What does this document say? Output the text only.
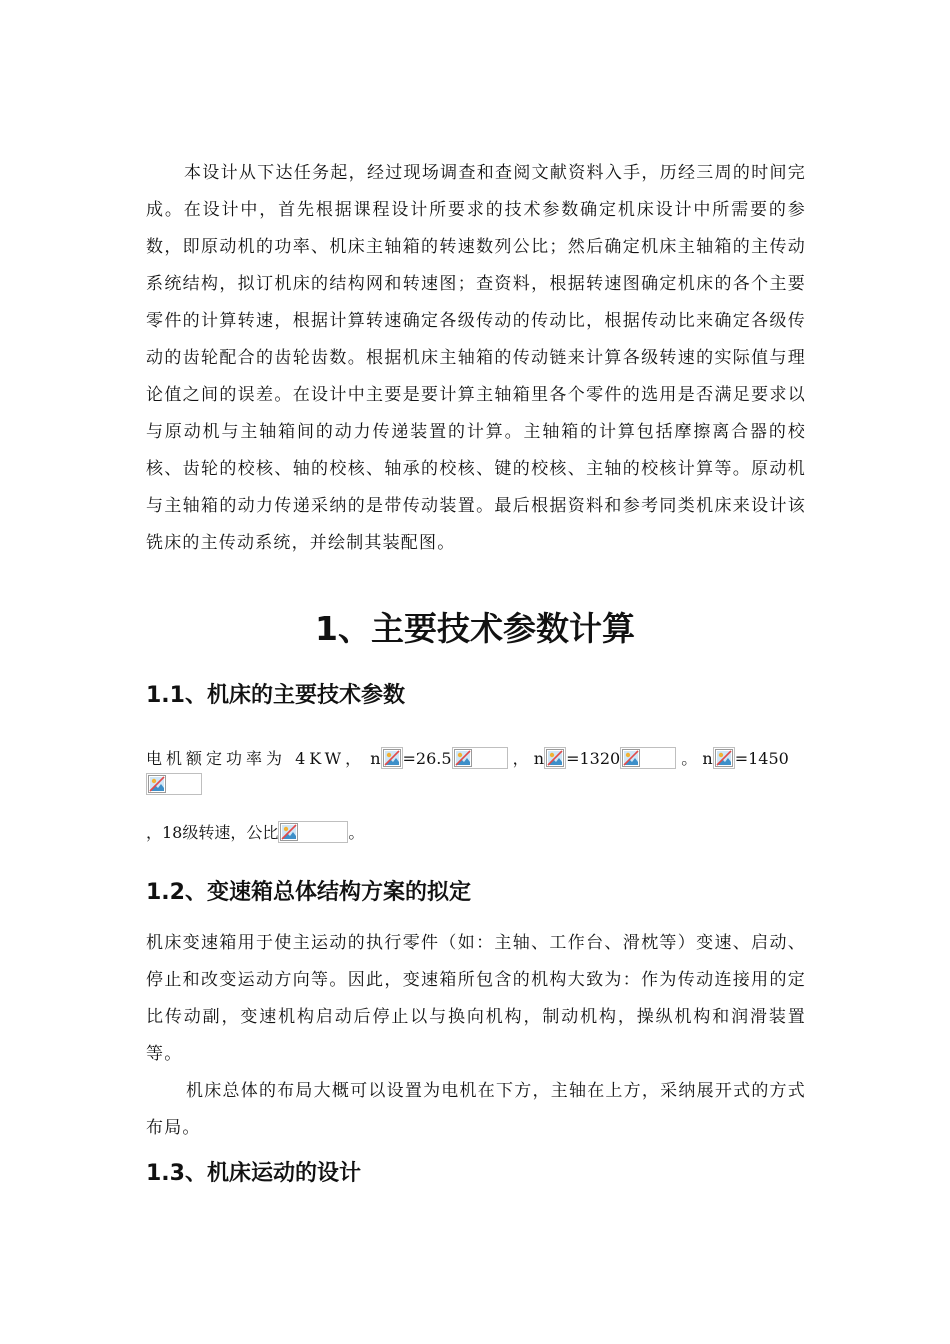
本设计从下达任务起，经过现场调查和查阅文献资料入手，历经三周的时间完成。在设计中，首先根据课程设计所要求的技术参数确定机床设计中所需要的参数，即原动机的功率、机床主轴箱的转速数列公比；然后确定机床主轴箱的主传动系统结构，拟订机床的结构网和转速图；查资料，根据转速图确定机床的各个主要零件的计算转速，根据计算转速确定各级传动的传动比，根据传动比来确定各级传动的齿轮配合的齿轮齿数。根据机床主轴箱的传动链来计算各级转速的实际值与理论值之间的误差。在设计中主要是要计算主轴箱里各个零件的选用是否满足要求以与原动机与主轴箱间的动力传递装置的计算。主轴箱的计算包括摩擦离合器的校核、齿轮的校核、轴的校核、轴承的校核、键的校核、主轴的校核计算等。原动机与主轴箱的动力传递采纳的是带传动装置。最后根据资料和参考同类机床来设计该铣床的主传动系统，并绘制其装配图。
1、主要技术参数计算
1.1、机床的主要技术参数
电机额定功率为 4KW， n =26.5	， n =1320	。 n =1450
，18级转速，公比	。
1.2、变速箱总体结构方案的拟定
机床变速箱用于使主运动的执行零件（如：主轴、工作台、滑枕等）变速、启动、停止和改变运动方向等。因此，变速箱所包含的机构大致为：作为传动连接用的定比传动副，变速机构启动后停止以与换向机构，制动机构，操纵机构和润滑装置等。
机床总体的布局大概可以设置为电机在下方，主轴在上方，采纳展开式的方式布局。
1.3、机床运动的设计
